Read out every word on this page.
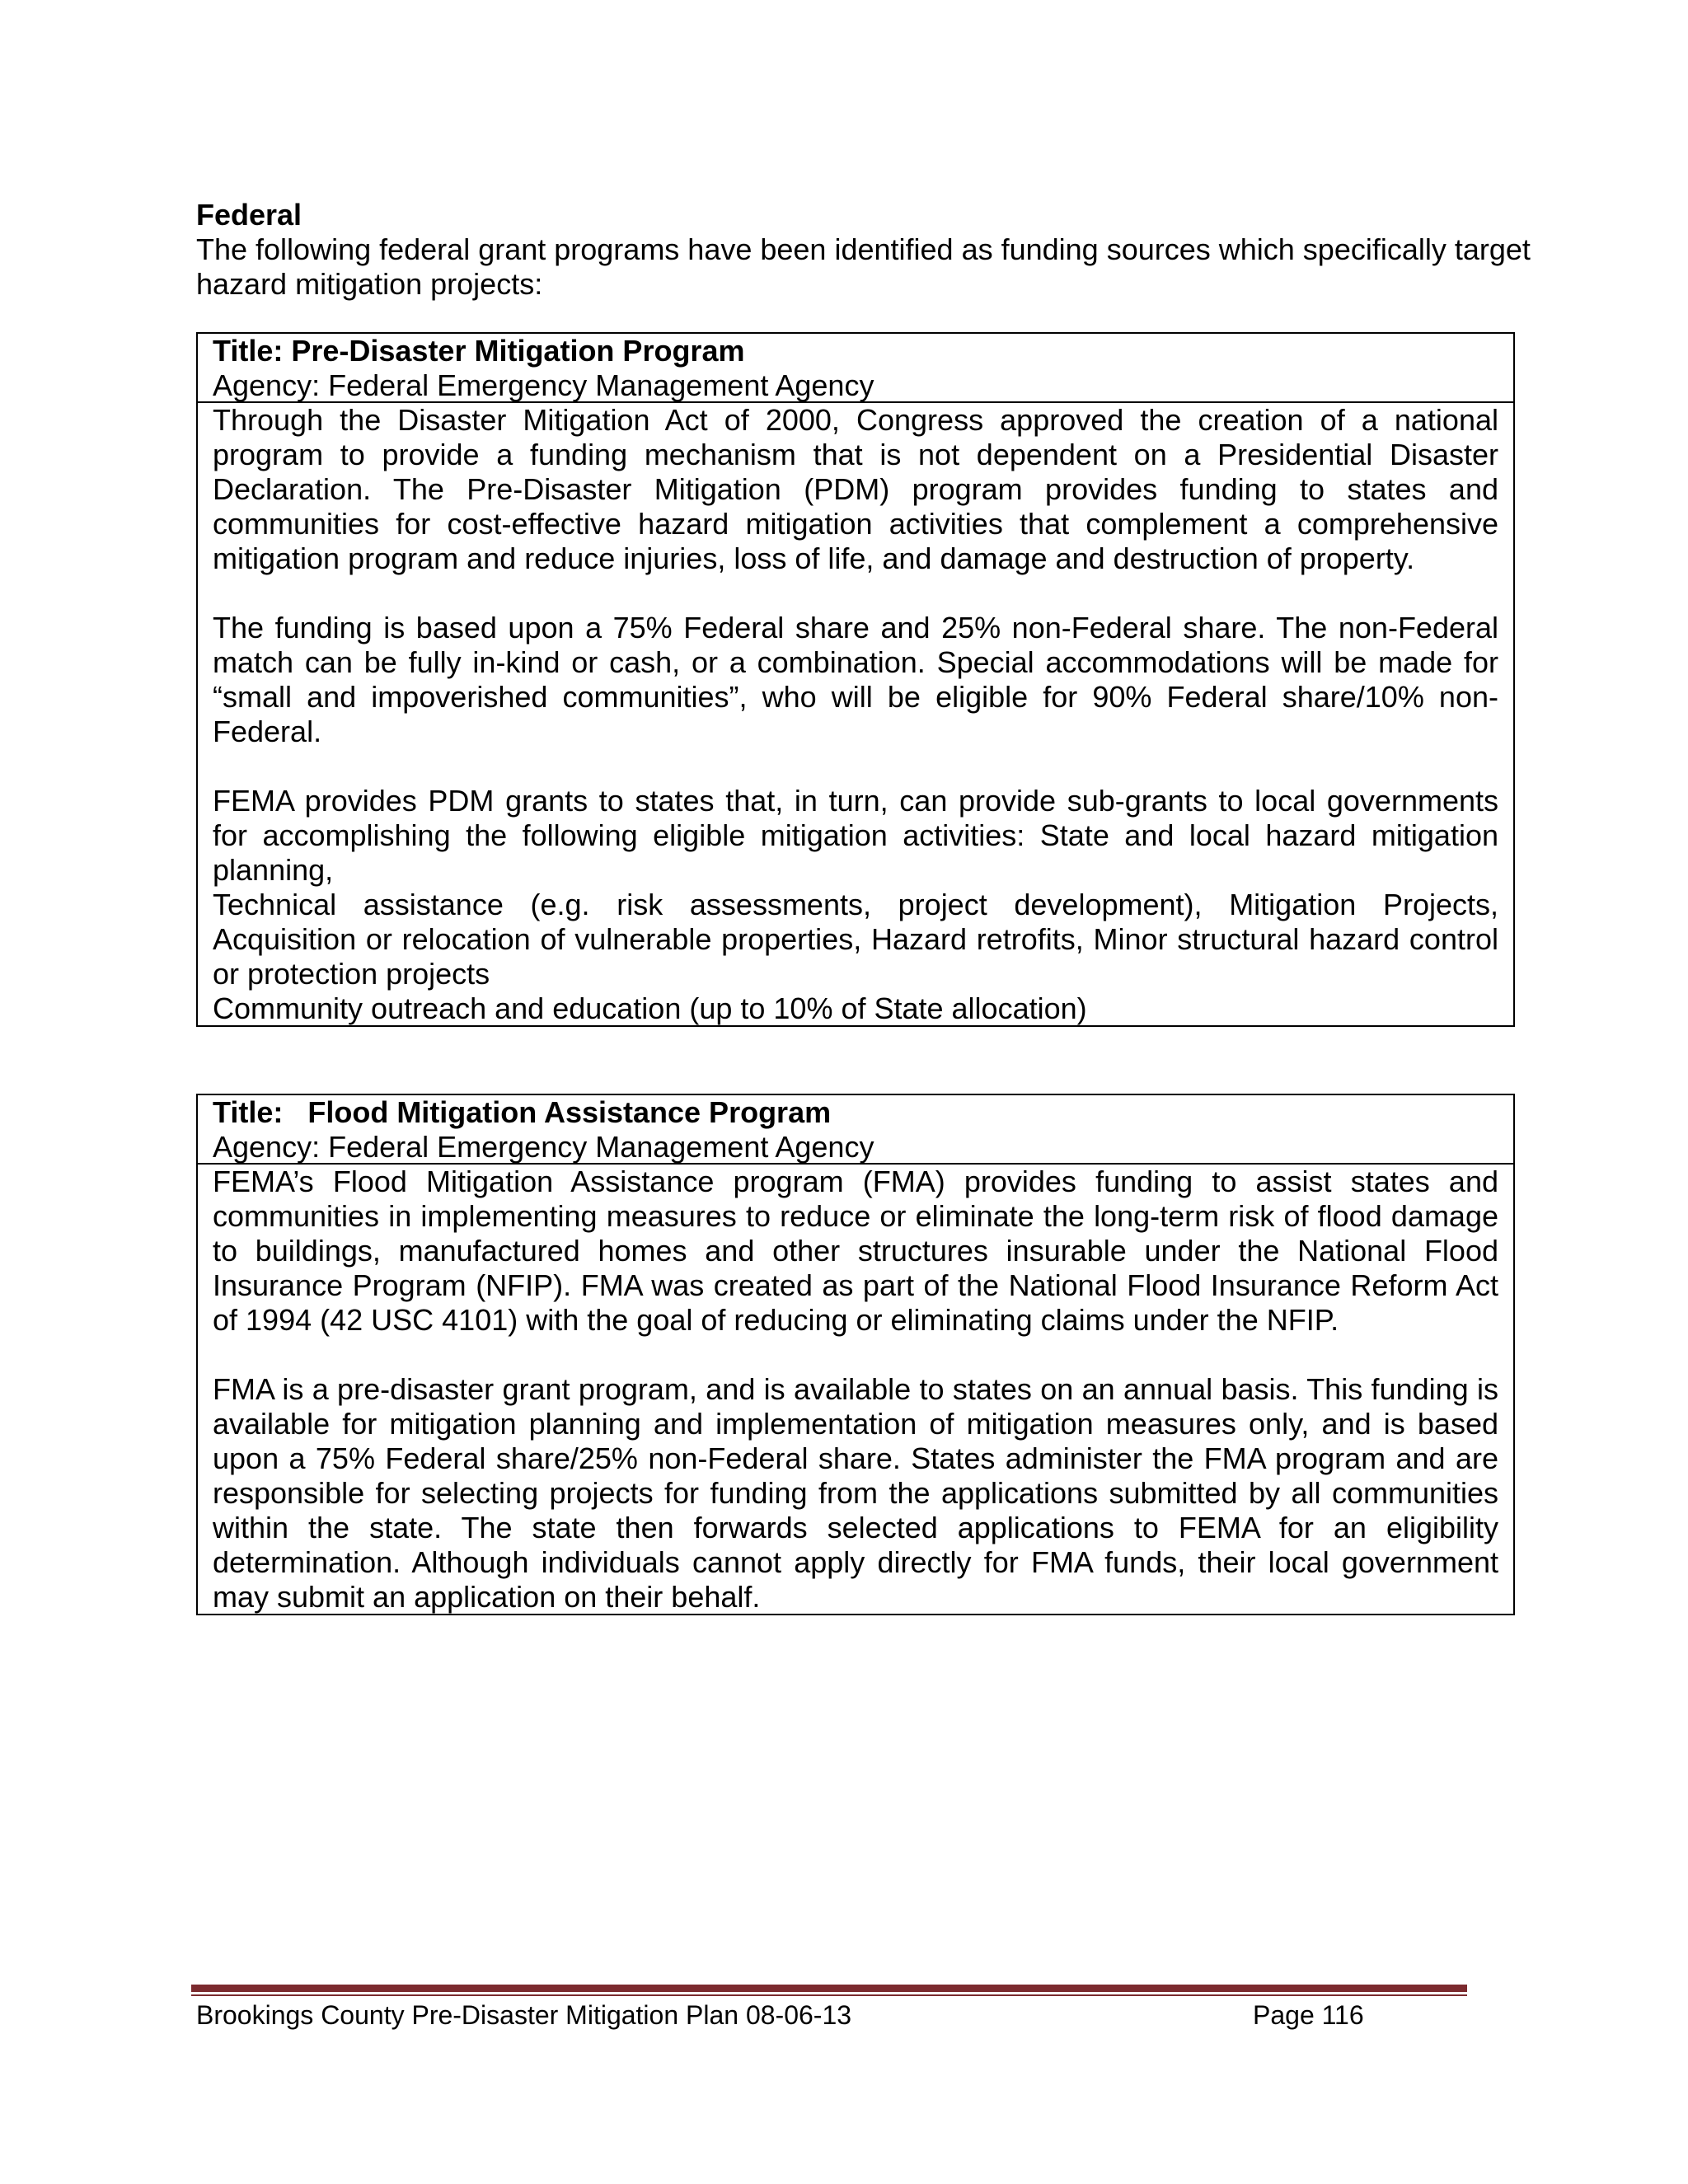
Federal
The following federal grant programs have been identified as funding sources which specifically target hazard mitigation projects:
Title: Pre-Disaster Mitigation Program
Agency: Federal Emergency Management Agency

Through the Disaster Mitigation Act of 2000, Congress approved the creation of a national program to provide a funding mechanism that is not dependent on a Presidential Disaster Declaration. The Pre-Disaster Mitigation (PDM) program provides funding to states and communities for cost-effective hazard mitigation activities that complement a comprehensive mitigation program and reduce injuries, loss of life, and damage and destruction of property.

The funding is based upon a 75% Federal share and 25% non-Federal share. The non-Federal match can be fully in-kind or cash, or a combination. Special accommodations will be made for “small and impoverished communities”, who will be eligible for 90% Federal share/10% non-Federal.

FEMA provides PDM grants to states that, in turn, can provide sub-grants to local governments for accomplishing the following eligible mitigation activities: State and local hazard mitigation planning,

Technical assistance (e.g. risk assessments, project development), Mitigation Projects, Acquisition or relocation of vulnerable properties, Hazard retrofits, Minor structural hazard control or protection projects

Community outreach and education (up to 10% of State allocation)

Title:   Flood Mitigation Assistance Program
Agency: Federal Emergency Management Agency

FEMA’s Flood Mitigation Assistance program (FMA) provides funding to assist states and communities in implementing measures to reduce or eliminate the long-term risk of flood damage to buildings, manufactured homes and other structures insurable under the National Flood Insurance Program (NFIP). FMA was created as part of the National Flood Insurance Reform Act of 1994 (42 USC 4101) with the goal of reducing or eliminating claims under the NFIP.

FMA is a pre-disaster grant program, and is available to states on an annual basis. This funding is available for mitigation planning and implementation of mitigation measures only, and is based upon a 75% Federal share/25% non-Federal share. States administer the FMA program and are responsible for selecting projects for funding from the applications submitted by all communities within the state. The state then forwards selected applications to FEMA for an eligibility determination. Although individuals cannot apply directly for FMA funds, their local government may submit an application on their behalf.

Brookings County Pre-Disaster Mitigation Plan 08-06-13	Page 116
